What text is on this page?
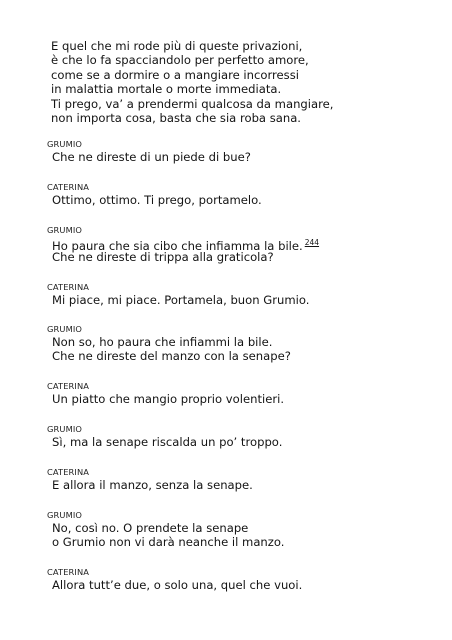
E quel che mi rode più di queste privazioni,
è che lo fa spacciandolo per perfetto amore,
come se a dormire o a mangiare incorressi
in malattia mortale o morte immediata.
Ti prego, va’ a prendermi qualcosa da mangiare,
non importa cosa, basta che sia roba sana.
GRUMIO
Che ne direste di un piede di bue?
CATERINA
Ottimo, ottimo. Ti prego, portamelo.
GRUMIO
Ho paura che sia cibo che infiamma la bile. $^{244}$
Che ne direste di trippa alla graticola?
CATERINA
Mi piace, mi piace. Portamela, buon Grumio.
GRUMIO
Non so, ho paura che infiammi la bile.
Che ne direste del manzo con la senape?
CATERINA
Un piatto che mangio proprio volentieri.
GRUMIO
Sì, ma la senape riscalda un po’ troppo.
CATERINA
E allora il manzo, senza la senape.
GRUMIO
No, così no. O prendete la senape
o Grumio non vi darà neanche il manzo.
CATERINA
Allora tutt’e due, o solo una, quel che vuoi.
